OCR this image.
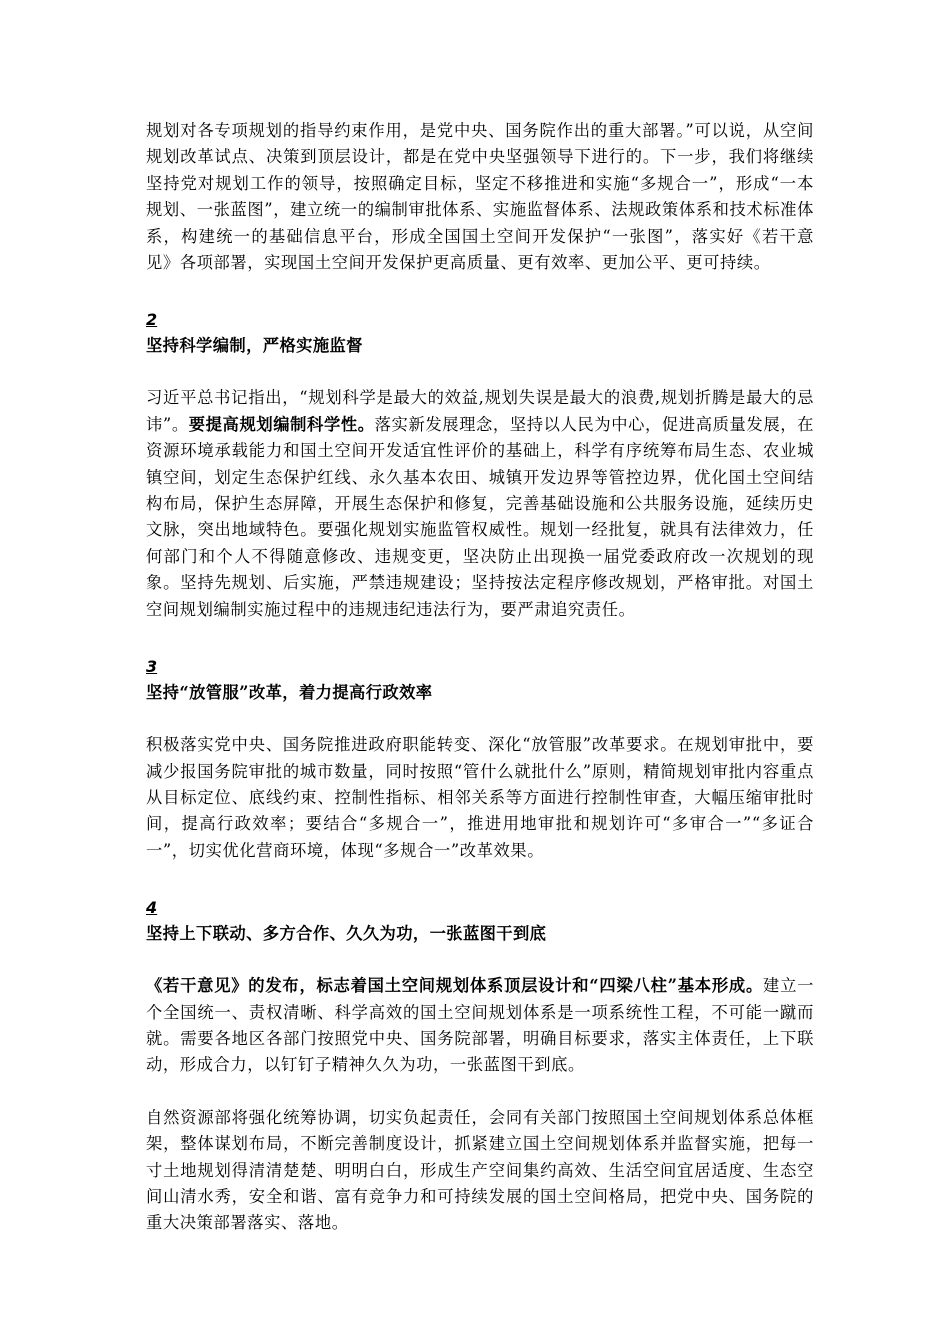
规划对各专项规划的指导约束作用，是党中央、国务院作出的重大部署。”可以说，从空间规划改革试点、决策到顶层设计，都是在党中央坚强领导下进行的。下一步，我们将继续坚持党对规划工作的领导，按照确定目标，坚定不移推进和实施“多规合一”，形成“一本规划、一张蓝图”，建立统一的编制审批体系、实施监督体系、法规政策体系和技术标准体系，构建统一的基础信息平台，形成全国国土空间开发保护“一张图”，落实好《若干意见》各项部署，实现国土空间开发保护更高质量、更有效率、更加公平、更可持续。

2
坚持科学编制，严格实施监督

习近平总书记指出，“规划科学是最大的效益,规划失误是最大的浪费,规划折腾是最大的忌讳”。要提高规划编制科学性。落实新发展理念，坚持以人民为中心，促进高质量发展，在资源环境承载能力和国土空间开发适宜性评价的基础上，科学有序统筹布局生态、农业城镇空间，划定生态保护红线、永久基本农田、城镇开发边界等管控边界，优化国土空间结构布局，保护生态屏障，开展生态保护和修复，完善基础设施和公共服务设施，延续历史文脉，突出地域特色。要强化规划实施监管权威性。规划一经批复，就具有法律效力，任何部门和个人不得随意修改、违规变更，坚决防止出现换一届党委政府改一次规划的现象。坚持先规划、后实施，严禁违规建设；坚持按法定程序修改规划，严格审批。对国土空间规划编制实施过程中的违规违纪违法行为，要严肃追究责任。

3
坚持“放管服”改革，着力提高行政效率

积极落实党中央、国务院推进政府职能转变、深化“放管服”改革要求。在规划审批中，要减少报国务院审批的城市数量，同时按照“管什么就批什么”原则，精简规划审批内容重点从目标定位、底线约束、控制性指标、相邻关系等方面进行控制性审查，大幅压缩审批时间，提高行政效率；要结合“多规合一”，推进用地审批和规划许可“多审合一”“多证合一”，切实优化营商环境，体现“多规合一”改革效果。

4
坚持上下联动、多方合作、久久为功，一张蓝图干到底

《若干意见》的发布，标志着国土空间规划体系顶层设计和“四梁八柱”基本形成。建立一个全国统一、责权清晰、科学高效的国土空间规划体系是一项系统性工程，不可能一蹴而就。需要各地区各部门按照党中央、国务院部署，明确目标要求，落实主体责任，上下联动，形成合力，以钉钉子精神久久为功，一张蓝图干到底。

自然资源部将强化统筹协调，切实负起责任，会同有关部门按照国土空间规划体系总体框架，整体谋划布局，不断完善制度设计，抓紧建立国土空间规划体系并监督实施，把每一寸土地规划得清清楚楚、明明白白，形成生产空间集约高效、生活空间宜居适度、生态空间山清水秀，安全和谐、富有竞争力和可持续发展的国土空间格局，把党中央、国务院的重大决策部署落实、落地。
